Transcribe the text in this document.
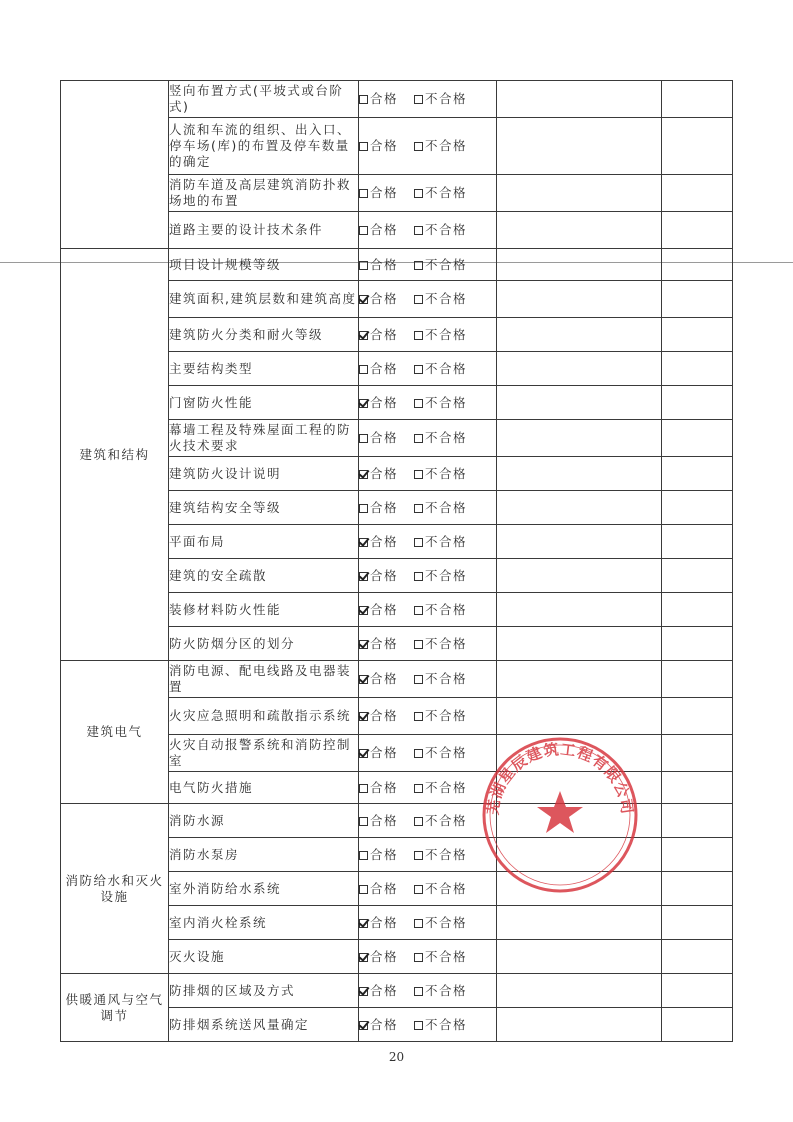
	竖向布置方式(平坡式或台阶式)	合格 不合格		
	人流和车流的组织、出入口、停车场(库)的布置及停车数量的确定	合格 不合格		
	消防车道及高层建筑消防扑救场地的布置	合格 不合格		
	道路主要的设计技术条件	合格 不合格		
建筑和结构	项目设计规模等级	合格 不合格		
	建筑面积,建筑层数和建筑高度	合格 不合格		
	建筑防火分类和耐火等级	合格 不合格		
	主要结构类型	合格 不合格		
	门窗防火性能	合格 不合格		
	幕墙工程及特殊屋面工程的防火技术要求	合格 不合格		
	建筑防火设计说明	合格 不合格		
	建筑结构安全等级	合格 不合格		
	平面布局	合格 不合格		
	建筑的安全疏散	合格 不合格		
	装修材料防火性能	合格 不合格		
	防火防烟分区的划分	合格 不合格		
建筑电气	消防电源、配电线路及电器装置	合格 不合格		
	火灾应急照明和疏散指示系统	合格 不合格		
	火灾自动报警系统和消防控制室	合格 不合格		
	电气防火措施	合格 不合格		
消防给水和灭火设施	消防水源	合格 不合格		
	消防水泵房	合格 不合格		
	室外消防给水系统	合格 不合格		
	室内消火栓系统	合格 不合格		
	灭火设施	合格 不合格		
供暖通风与空气调节	防排烟的区域及方式	合格 不合格		
	防排烟系统送风量确定	合格 不合格		
芜湖星辰建筑工程有限公司
20
